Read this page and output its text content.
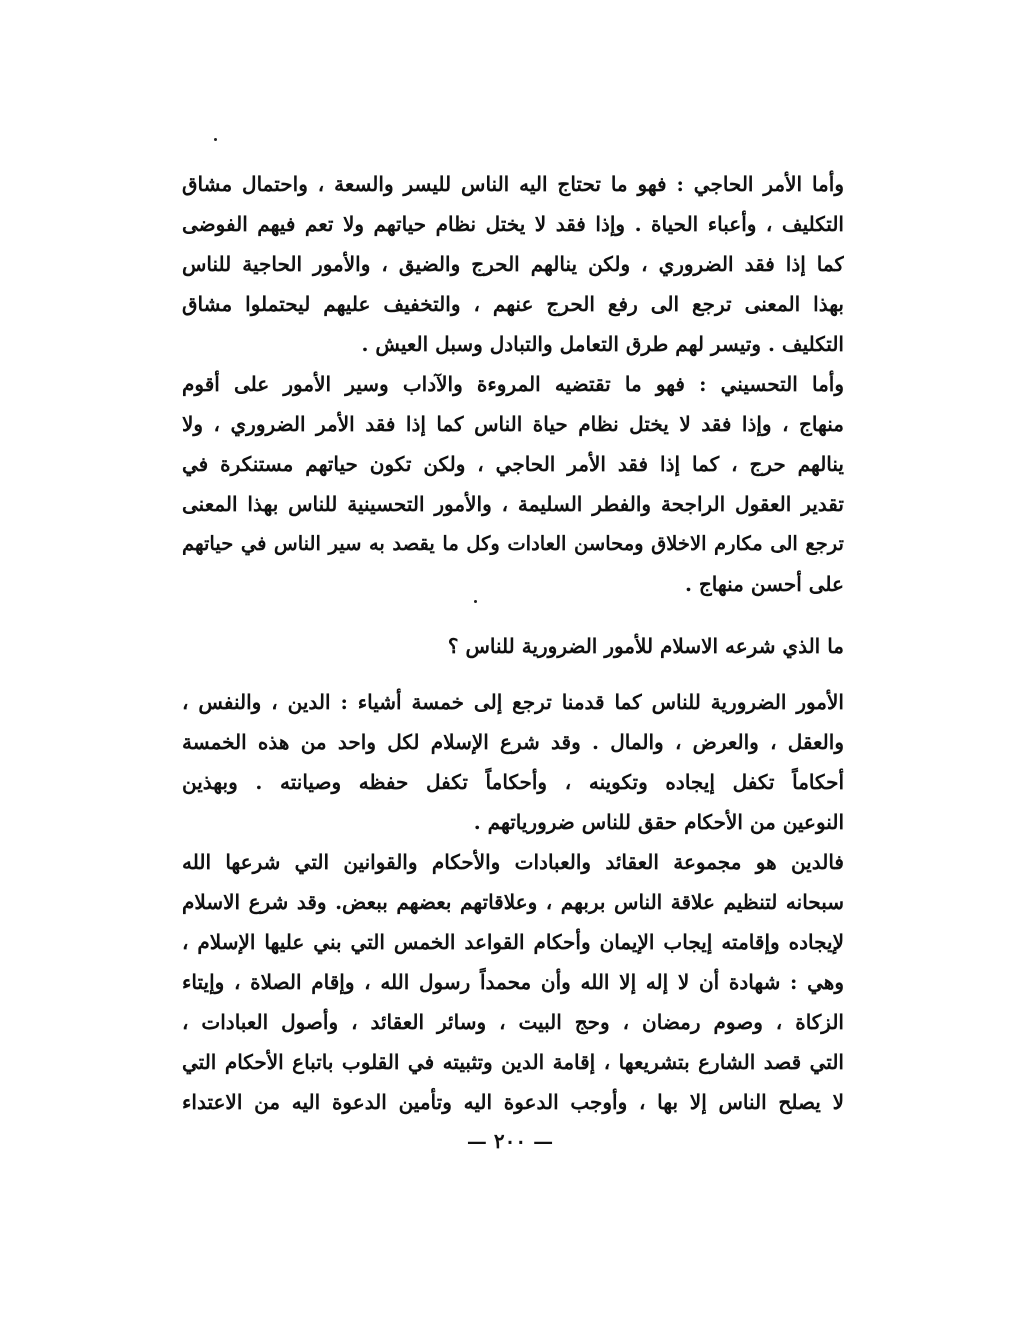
وأما الأمر الحاجي : فهو ما تحتاج اليه الناس لليسر والسعة ، واحتمال مشاق
التكليف ، وأعباء الحياة . وإذا فقد لا يختل نظام حياتهم ولا تعم فيهم الفوضى
كما إذا فقد الضروري ، ولكن ينالهم الحرج والضيق ، والأمور الحاجية للناس
بهذا المعنى ترجع الى رفع الحرج عنهم ، والتخفيف عليهم ليحتملوا مشاق
التكليف . وتيسر لهم طرق التعامل والتبادل وسبل العيش .
وأما التحسيني : فهو ما تقتضيه المروءة والآداب وسير الأمور على أقوم
منهاج ، وإذا فقد لا يختل نظام حياة الناس كما إذا فقد الأمر الضروري ، ولا
ينالهم حرج ، كما إذا فقد الأمر الحاجي ، ولكن تكون حياتهم مستنكرة في
تقدير العقول الراجحة والفطر السليمة ، والأمور التحسينية للناس بهذا المعنى
ترجع الى مكارم الاخلاق ومحاسن العادات وكل ما يقصد به سير الناس في حياتهم
على أحسن منهاج .
ما الذي شرعه الاسلام للأمور الضرورية للناس ؟
الأمور الضرورية للناس كما قدمنا ترجع إلى خمسة أشياء : الدين ، والنفس ،
والعقل ، والعرض ، والمال . وقد شرع الإسلام لكل واحد من هذه الخمسة
أحكاماً تكفل إيجاده وتكوينه ، وأحكاماً تكفل حفظه وصيانته . وبهذين
النوعين من الأحكام حقق للناس ضرورياتهم .
فالدين هو مجموعة العقائد والعبادات والأحكام والقوانين التي شرعها الله
سبحانه لتنظيم علاقة الناس بربهم ، وعلاقاتهم بعضهم ببعض. وقد شرع الاسلام
لإيجاده وإقامته إيجاب الإيمان وأحكام القواعد الخمس التي بني عليها الإسلام ،
وهي : شهادة أن لا إله إلا الله وأن محمداً رسول الله ، وإقام الصلاة ، وإيتاء
الزكاة ، وصوم رمضان ، وحج البيت ، وسائر العقائد ، وأصول العبادات ،
التي قصد الشارع بتشريعها ، إقامة الدين وتثبيته في القلوب باتباع الأحكام التي
لا يصلح الناس إلا بها ، وأوجب الدعوة اليه وتأمين الدعوة اليه من الاعتداء
— ٢٠٠ —
